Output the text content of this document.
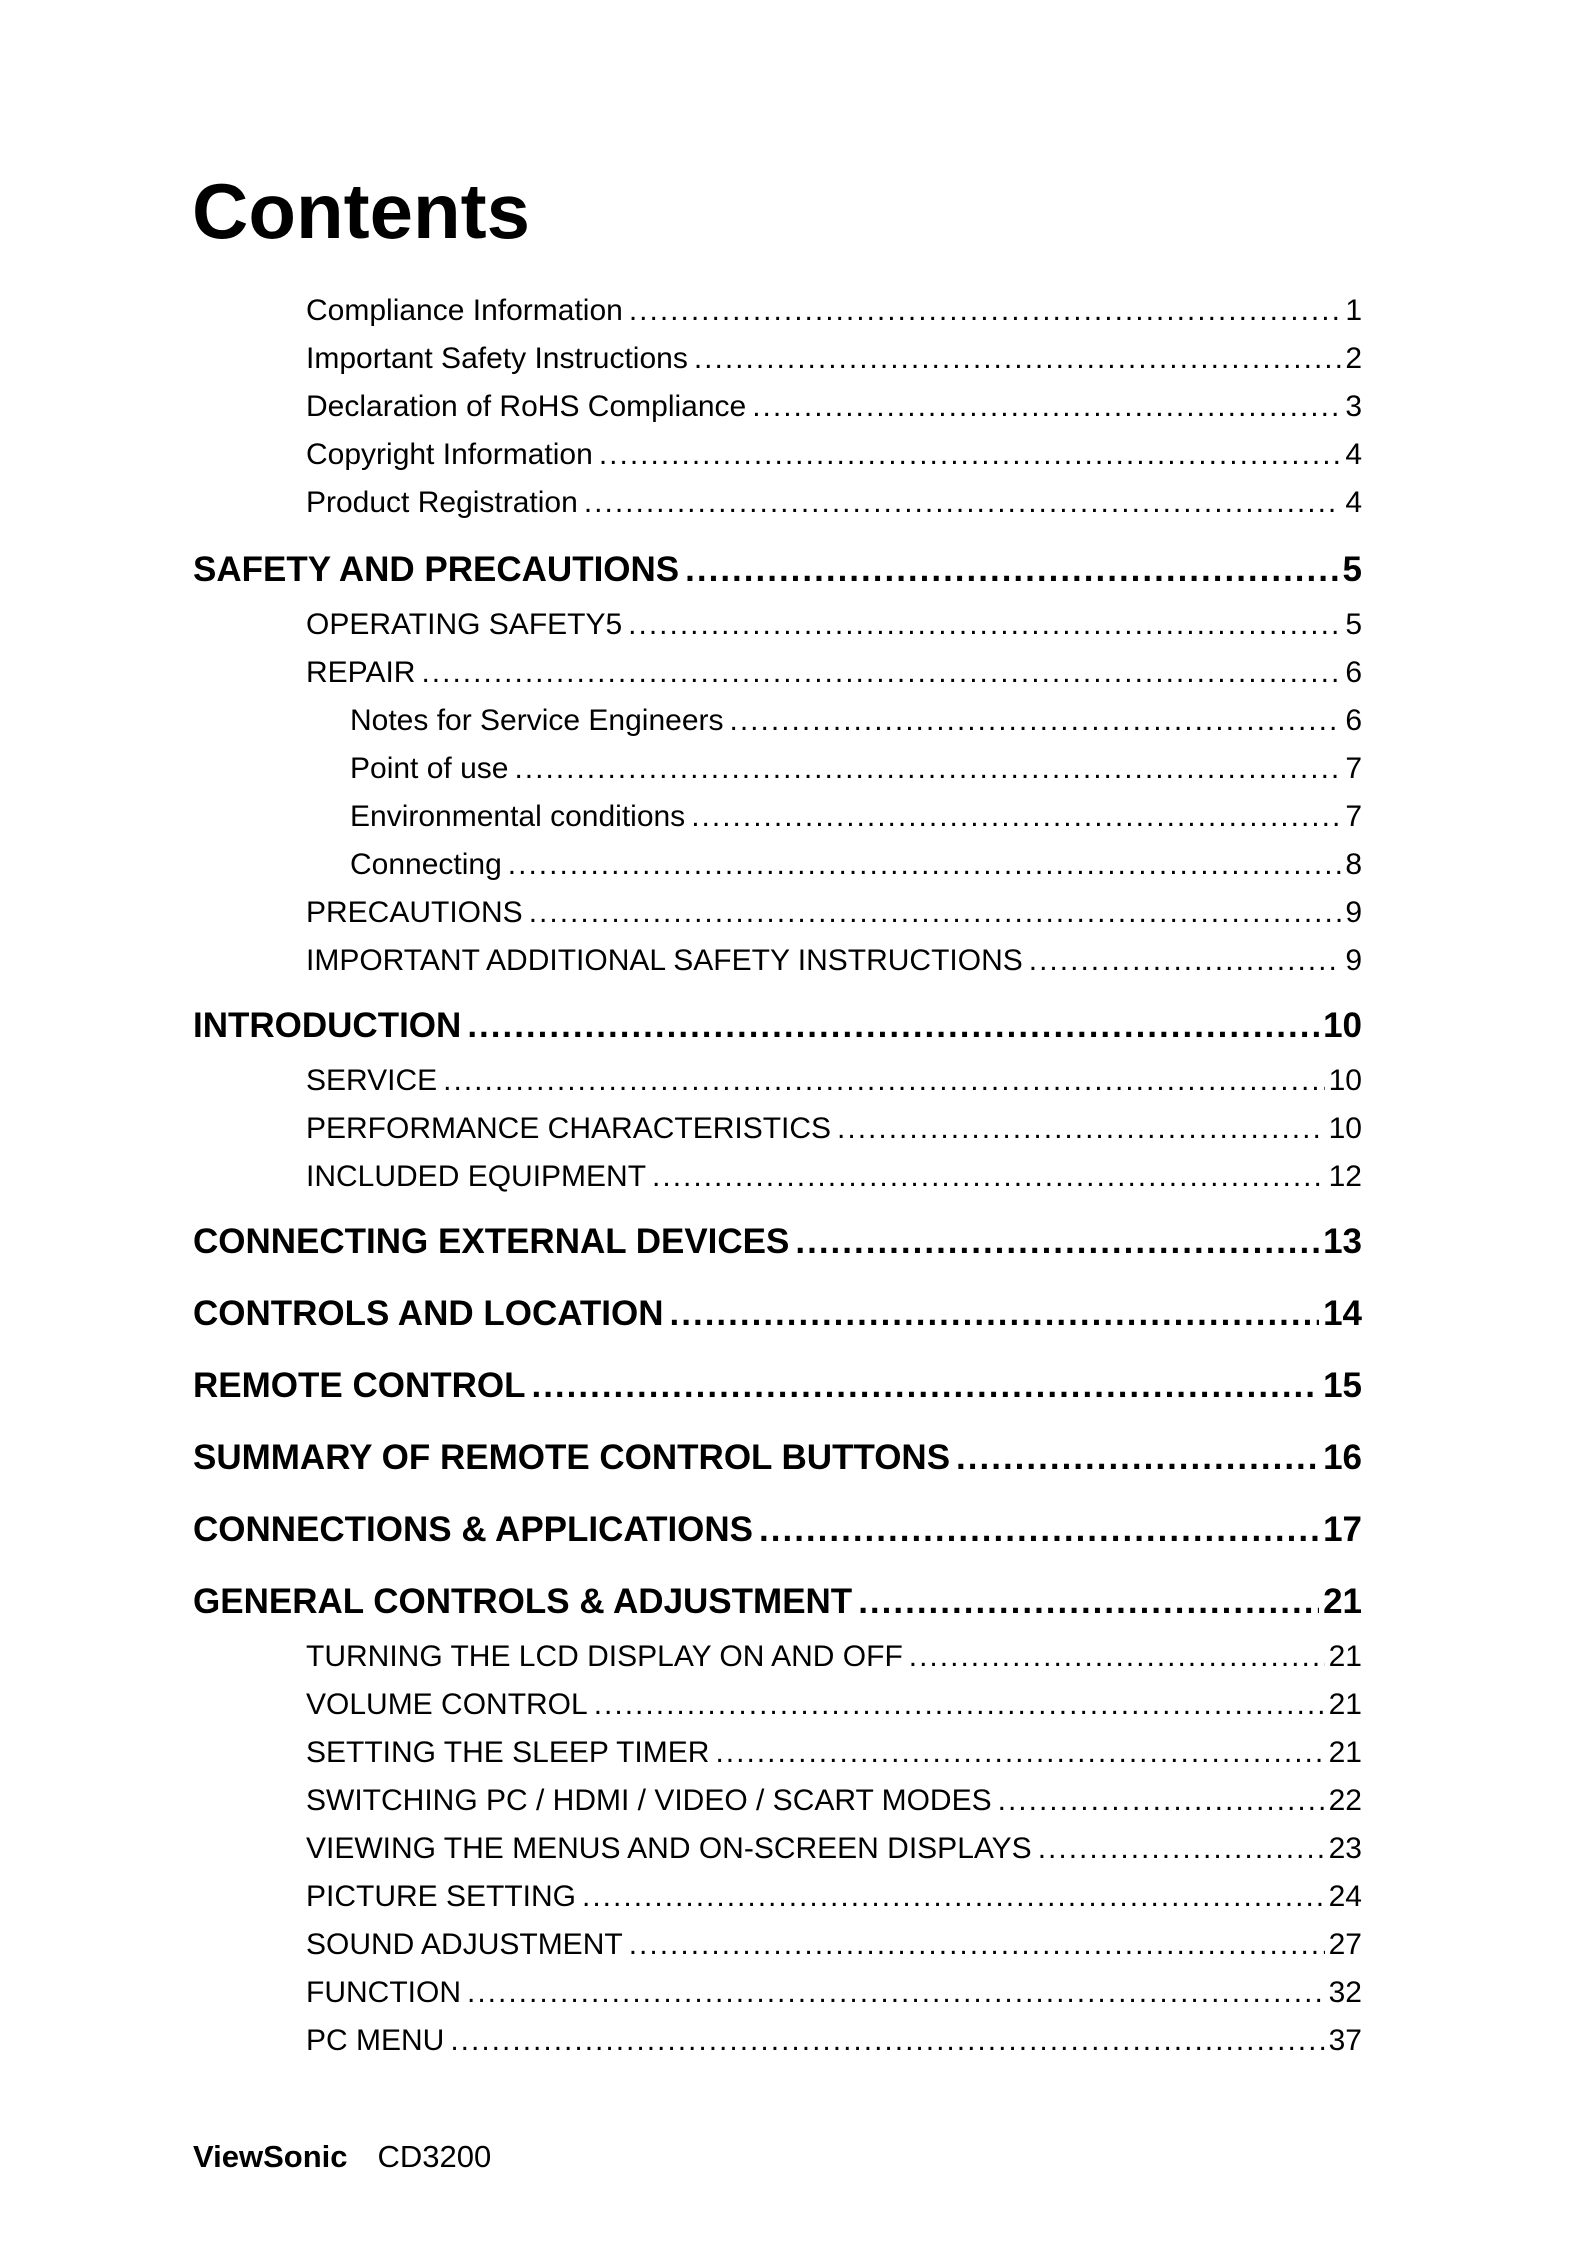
Contents
Compliance Information .....	1
Important Safety Instructions .....	2
Declaration of RoHS Compliance .....	3
Copyright Information .....	4
Product Registration .....	4
SAFETY AND PRECAUTIONS .....	5
OPERATING SAFETY5 .....	5
REPAIR .....	6
Notes for Service Engineers .....	6
Point of use .....	7
Environmental conditions .....	7
Connecting .....	8
PRECAUTIONS .....	9
IMPORTANT ADDITIONAL SAFETY INSTRUCTIONS .....	9
INTRODUCTION .....	10
SERVICE .....	10
PERFORMANCE CHARACTERISTICS .....	10
INCLUDED EQUIPMENT .....	12
CONNECTING EXTERNAL DEVICES .....	13
CONTROLS AND LOCATION .....	14
REMOTE CONTROL .....	15
SUMMARY OF REMOTE CONTROL BUTTONS .....	16
CONNECTIONS & APPLICATIONS .....	17
GENERAL CONTROLS & ADJUSTMENT .....	21
TURNING THE LCD DISPLAY ON AND OFF .....	21
VOLUME CONTROL .....	21
SETTING THE SLEEP TIMER .....	21
SWITCHING PC / HDMI / VIDEO / SCART MODES .....	22
VIEWING THE MENUS AND ON-SCREEN DISPLAYS .....	23
PICTURE SETTING .....	24
SOUND ADJUSTMENT .....	27
FUNCTION .....	32
PC MENU .....	37
ViewSonic CD3200
